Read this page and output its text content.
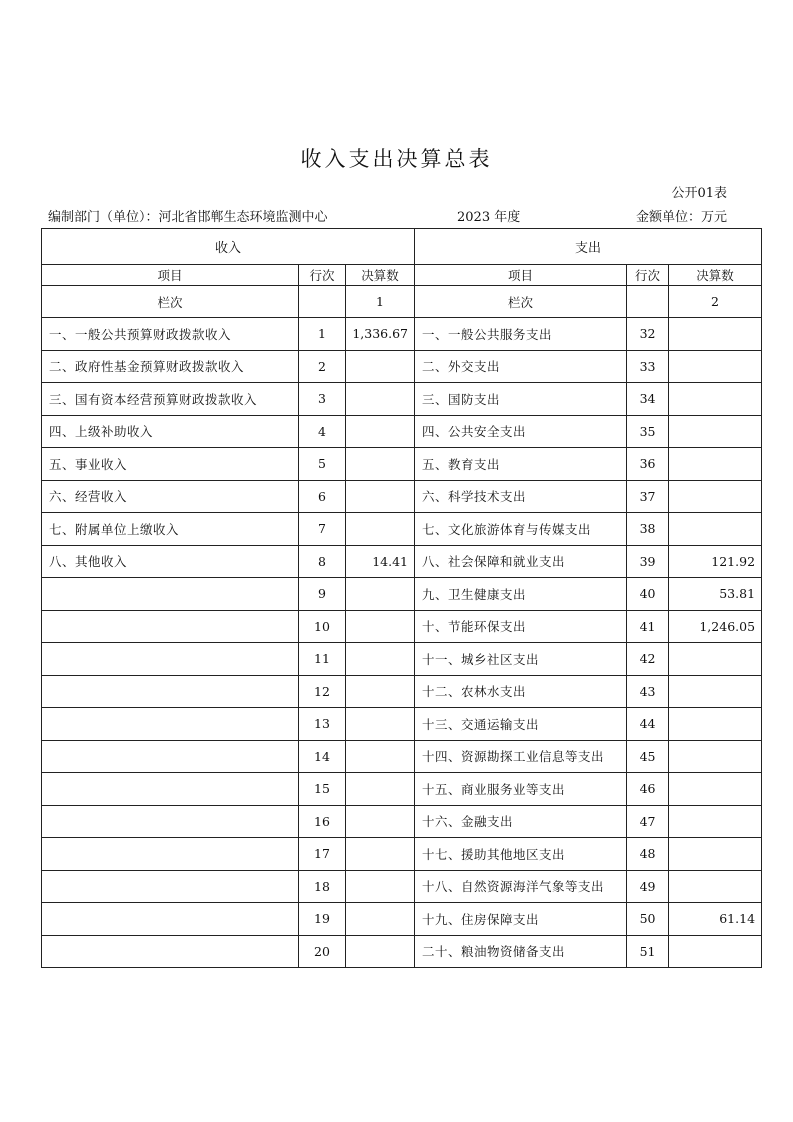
收入支出决算总表
公开01表
编制部门（单位）：河北省邯郸生态环境监测中心	2023 年度	金额单位：万元
收入			支出		
项目	行次	决算数	项目	行次	决算数
栏次		1	栏次		2
一、一般公共预算财政拨款收入	1	1,336.67	一、一般公共服务支出	32	
二、政府性基金预算财政拨款收入	2		二、外交支出	33	
三、国有资本经营预算财政拨款收入	3		三、国防支出	34	
四、上级补助收入	4		四、公共安全支出	35	
五、事业收入	5		五、教育支出	36	
六、经营收入	6		六、科学技术支出	37	
七、附属单位上缴收入	7		七、文化旅游体育与传媒支出	38	
八、其他收入	8	14.41	八、社会保障和就业支出	39	121.92
	9		九、卫生健康支出	40	53.81
	10		十、节能环保支出	41	1,246.05
	11		十一、城乡社区支出	42	
	12		十二、农林水支出	43	
	13		十三、交通运输支出	44	
	14		十四、资源勘探工业信息等支出	45	
	15		十五、商业服务业等支出	46	
	16		十六、金融支出	47	
	17		十七、援助其他地区支出	48	
	18		十八、自然资源海洋气象等支出	49	
	19		十九、住房保障支出	50	61.14
	20		二十、粮油物资储备支出	51	
